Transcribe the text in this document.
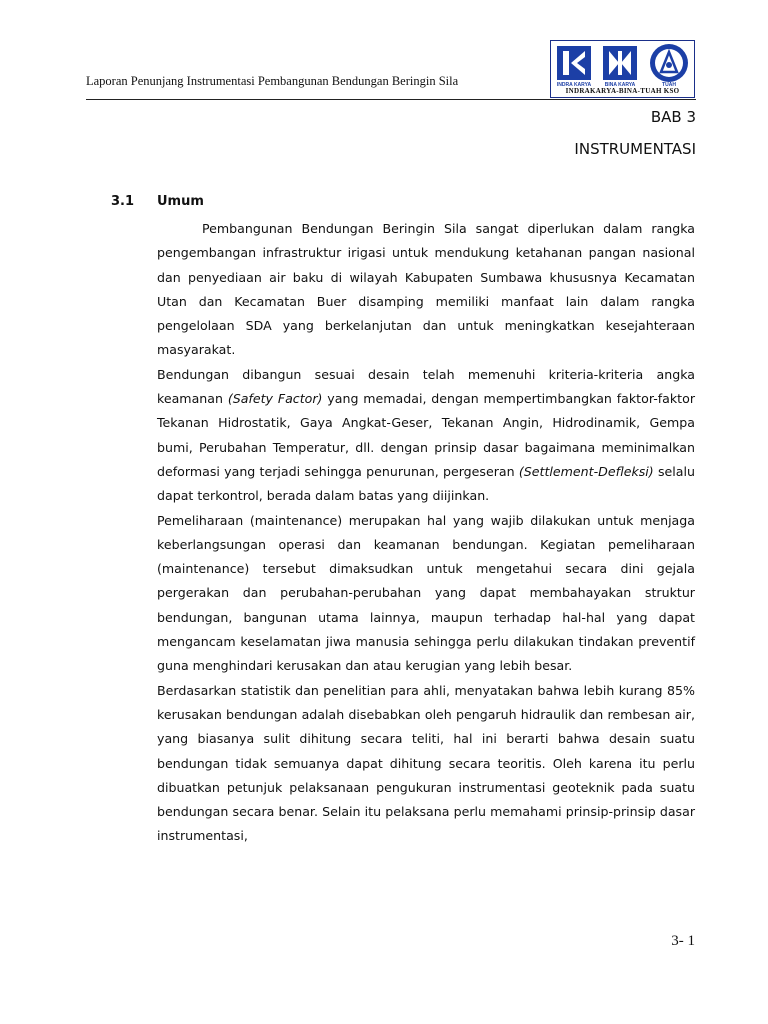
Laporan Penunjang Instrumentasi Pembangunan Bendungan Beringin Sila	INDRA KARYA	BINA KARYA	TUAH
INDRAKARYA-BINA-TUAH KSO
BAB 3
INSTRUMENTASI
3.1 Umum

Pembangunan Bendungan Beringin Sila sangat diperlukan dalam rangka pengembangan infrastruktur irigasi untuk mendukung ketahanan pangan nasional dan penyediaan air baku di wilayah Kabupaten Sumbawa khususnya Kecamatan Utan dan Kecamatan Buer disamping memiliki manfaat lain dalam rangka pengelolaan SDA yang berkelanjutan dan untuk meningkatkan kesejahteraan masyarakat.

Bendungan dibangun sesuai desain telah memenuhi kriteria-kriteria angka keamanan (Safety Factor) yang memadai, dengan mempertimbangkan faktor-faktor Tekanan Hidrostatik, Gaya Angkat-Geser, Tekanan Angin, Hidrodinamik, Gempa bumi, Perubahan Temperatur, dll. dengan prinsip dasar bagaimana meminimalkan deformasi yang terjadi sehingga penurunan, pergeseran (Settlement-Defleksi) selalu dapat terkontrol, berada dalam batas yang diijinkan.

Pemeliharaan (maintenance) merupakan hal yang wajib dilakukan untuk menjaga keberlangsungan operasi dan keamanan bendungan. Kegiatan pemeliharaan (maintenance) tersebut dimaksudkan untuk mengetahui secara dini gejala pergerakan dan perubahan-perubahan yang dapat membahayakan struktur bendungan, bangunan utama lainnya, maupun terhadap hal-hal yang dapat mengancam keselamatan jiwa manusia sehingga perlu dilakukan tindakan preventif guna menghindari kerusakan dan atau kerugian yang lebih besar.

Berdasarkan statistik dan penelitian para ahli, menyatakan bahwa lebih kurang 85% kerusakan bendungan adalah disebabkan oleh pengaruh hidraulik dan rembesan air, yang biasanya sulit dihitung secara teliti, hal ini berarti bahwa desain suatu bendungan tidak semuanya dapat dihitung secara teoritis. Oleh karena itu perlu dibuatkan petunjuk pelaksanaan pengukuran instrumentasi geoteknik pada suatu bendungan secara benar. Selain itu pelaksana perlu memahami prinsip-prinsip dasar instrumentasi,

3- 1
